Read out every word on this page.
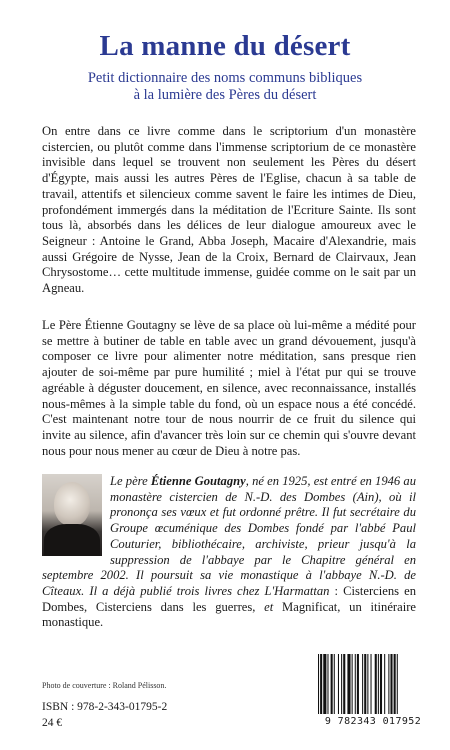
La manne du désert
Petit dictionnaire des noms communs bibliques
à la lumière des Pères du désert

On entre dans ce livre comme dans le scriptorium d'un monastère cistercien, ou plutôt comme dans l'immense scriptorium de ce monastère invisible dans lequel se trouvent non seulement les Pères du désert d'Égypte, mais aussi les autres Pères de l'Eglise, chacun à sa table de travail, attentifs et silencieux comme savent le faire les intimes de Dieu, profondément immergés dans la méditation de l'Ecriture Sainte. Ils sont tous là, absorbés dans les délices de leur dialogue amoureux avec le Seigneur : Antoine le Grand, Abba Joseph, Macaire d'Alexandrie, mais aussi Grégoire de Nysse, Jean de la Croix, Bernard de Clairvaux, Jean Chrysostome… cette multitude immense, guidée comme on le sait par un Agneau.

Le Père Étienne Goutagny se lève de sa place où lui-même a médité pour se mettre à butiner de table en table avec un grand dévouement, jusqu'à composer ce livre pour alimenter notre méditation, sans presque rien ajouter de soi-même par pure humilité ; miel à l'état pur qui se trouve agréable à déguster doucement, en silence, avec reconnaissance, installés nous-mêmes à la simple table du fond, où un espace nous a été concédé. C'est maintenant notre tour de nous nourrir de ce fruit du silence qui invite au silence, afin d'avancer très loin sur ce chemin qui s'ouvre devant nous pour nous mener au cœur de Dieu à notre pas.

Le père Étienne Goutagny, né en 1925, est entré en 1946 au monastère cistercien de N.-D. des Dombes (Ain), où il prononça ses vœux et fut ordonné prêtre. Il fut secrétaire du Groupe œcuménique des Dombes fondé par l'abbé Paul Couturier, bibliothécaire, archiviste, prieur jusqu'à la suppression de l'abbaye par le Chapitre général en septembre 2002. Il poursuit sa vie monastique à l'abbaye N.-D. de Cîteaux. Il a déjà publié trois livres chez L'Harmattan : Cisterciens en Dombes, Cisterciens dans les guerres, et Magnificat, un itinéraire monastique.

Photo de couverture : Roland Pélisson.
ISBN : 978-2-343-01795-2
24 €	9 782343 017952
